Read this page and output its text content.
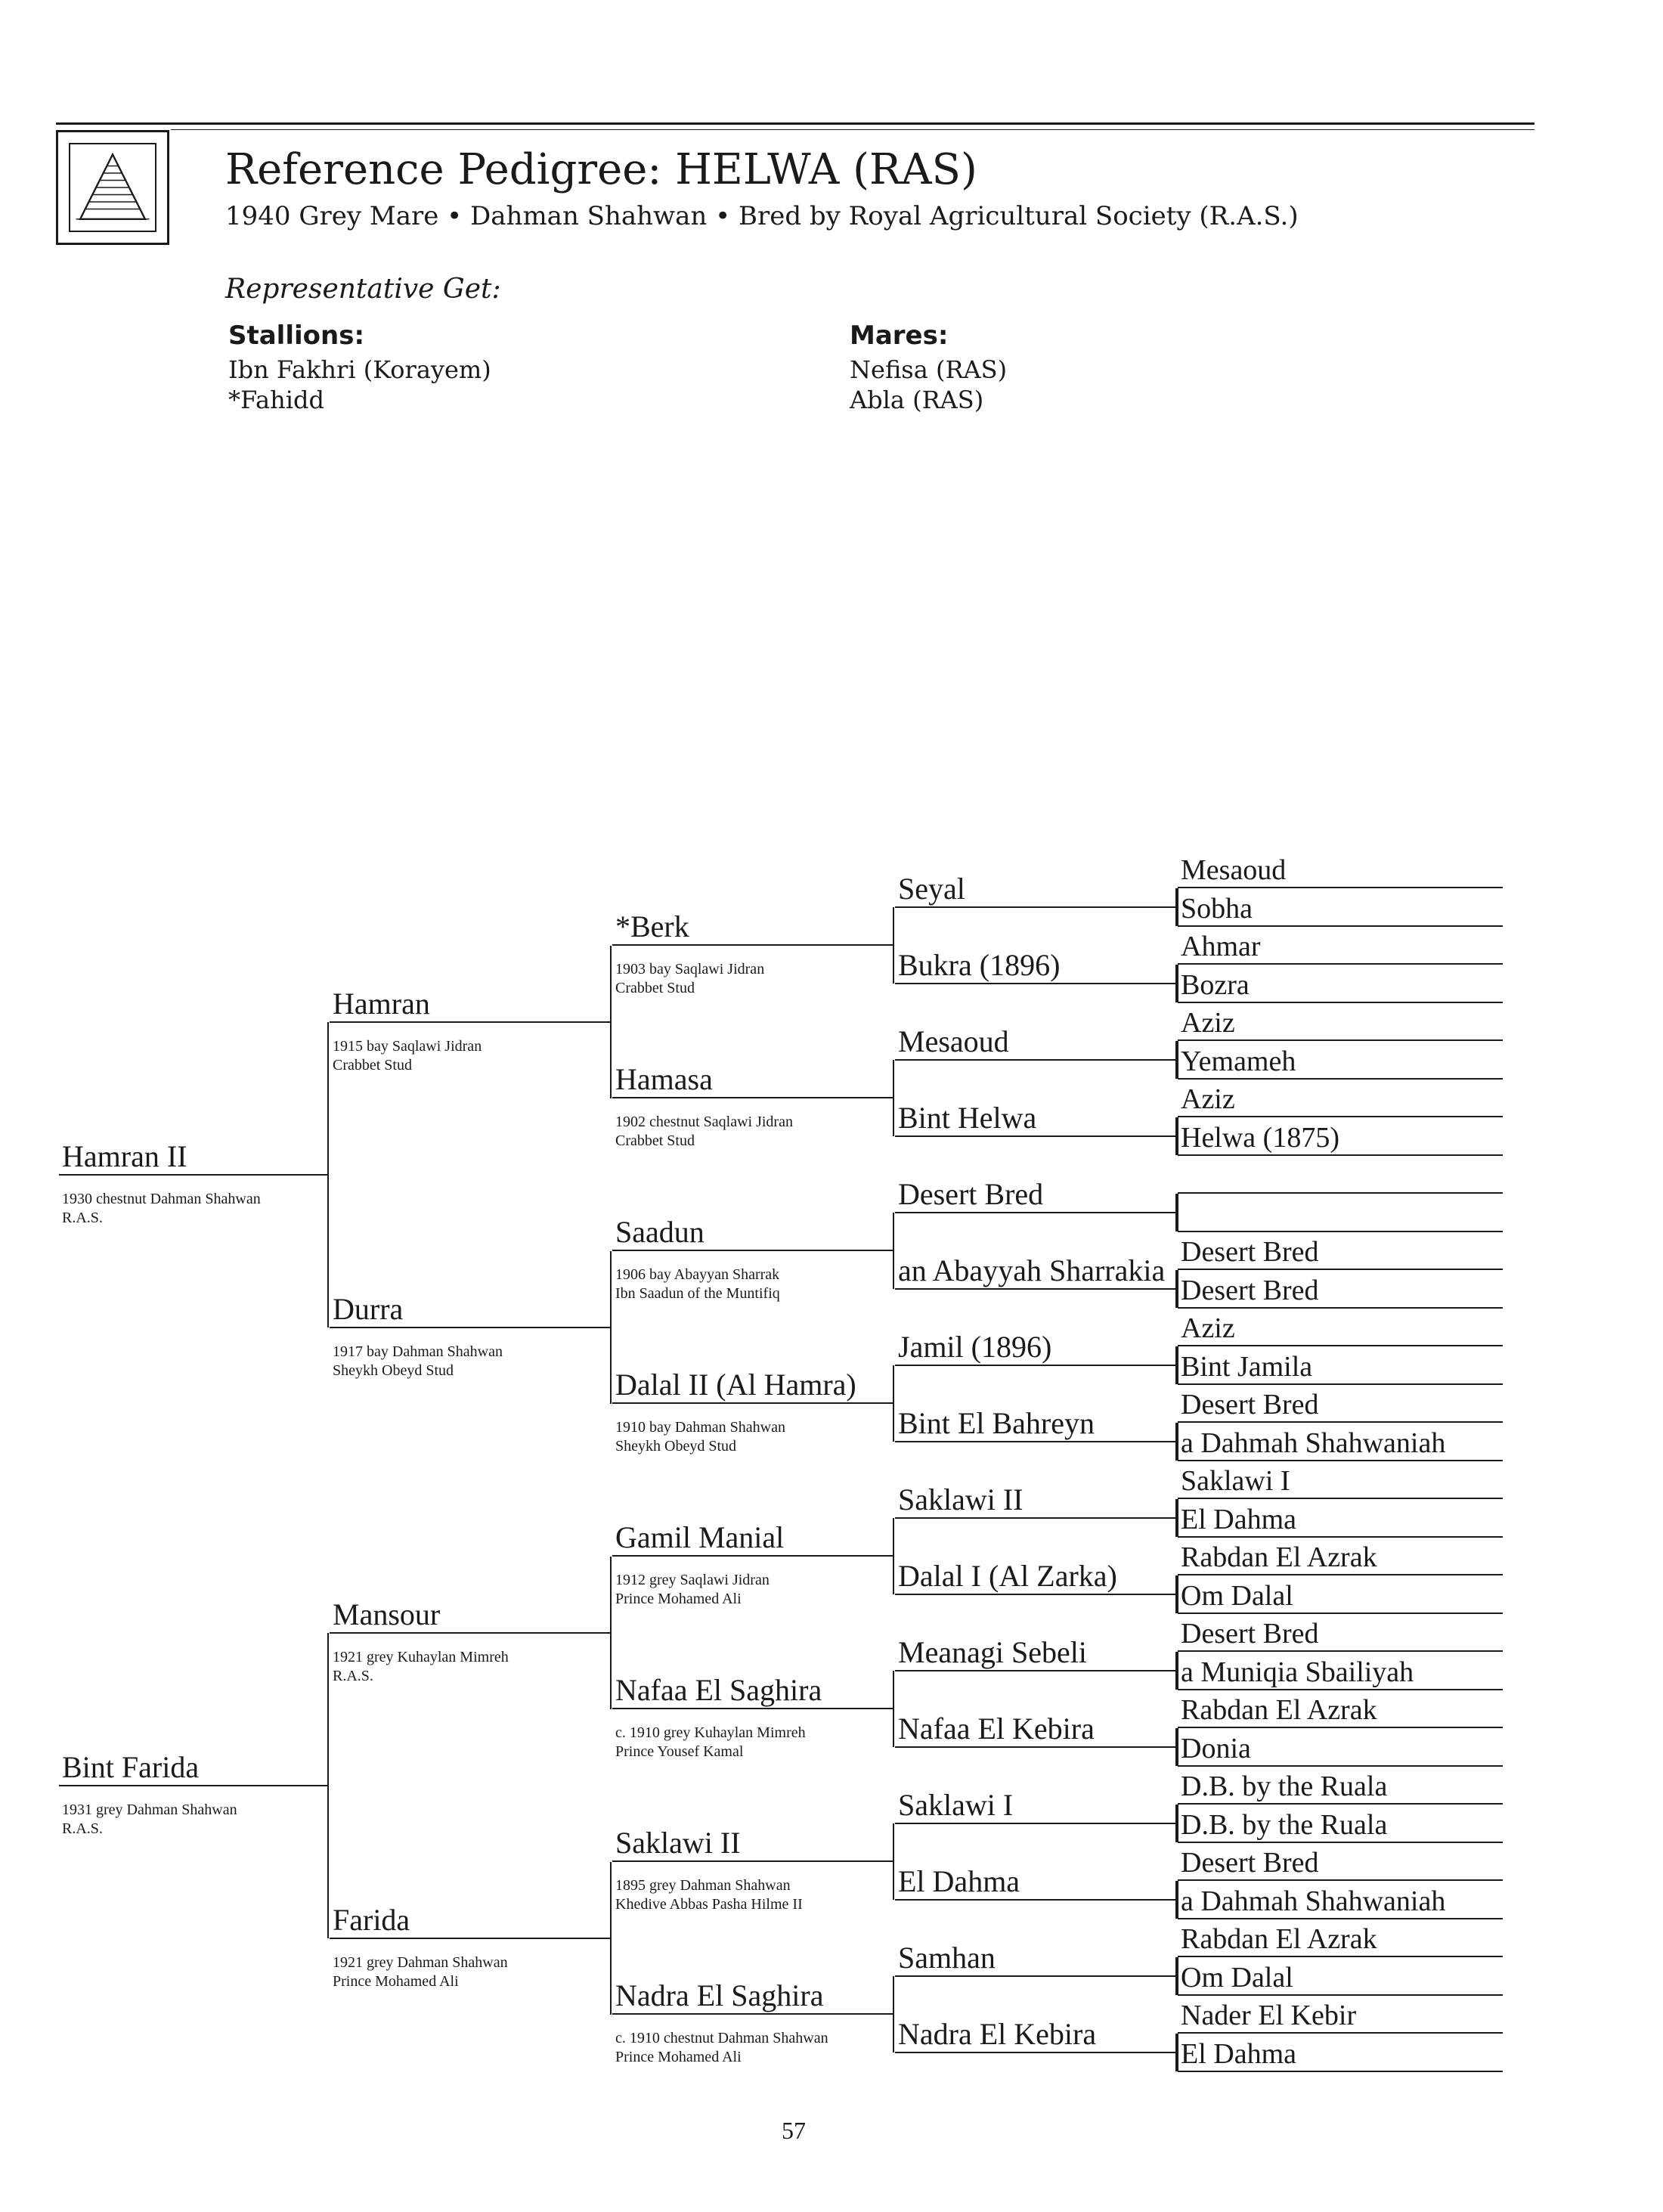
Reference Pedigree: HELWA (RAS)
1940 Grey Mare • Dahman Shahwan • Bred by Royal Agricultural Society (R.A.S.)
Representative Get:
Stallions:
Ibn Fakhri (Korayem)
*Fahidd
Mares:
Nefisa (RAS)
Abla (RAS)
Hamran II
1930 chestnut Dahman Shahwan
R.A.S.
Bint Farida
1931 grey Dahman Shahwan
R.A.S.
Hamran
1915 bay Saqlawi Jidran
Crabbet Stud
Durra
1917 bay Dahman Shahwan
Sheykh Obeyd Stud
Mansour
1921 grey Kuhaylan Mimreh
R.A.S.
Farida
1921 grey Dahman Shahwan
Prince Mohamed Ali
*Berk
1903 bay Saqlawi Jidran
Crabbet Stud
Hamasa
1902 chestnut Saqlawi Jidran
Crabbet Stud
Saadun
1906 bay Abayyan Sharrak
Ibn Saadun of the Muntifiq
Dalal II (Al Hamra)
1910 bay Dahman Shahwan
Sheykh Obeyd Stud
Gamil Manial
1912 grey Saqlawi Jidran
Prince Mohamed Ali
Nafaa El Saghira
c. 1910 grey Kuhaylan Mimreh
Prince Yousef Kamal
Saklawi II
1895 grey Dahman Shahwan
Khedive Abbas Pasha Hilme II
Nadra El Saghira
c. 1910 chestnut Dahman Shahwan
Prince Mohamed Ali
Seyal
Bukra (1896)
Mesaoud
Bint Helwa
Desert Bred
an Abayyah Sharrakia
Jamil (1896)
Bint El Bahreyn
Saklawi II
Dalal I (Al Zarka)
Meanagi Sebeli
Nafaa El Kebira
Saklawi I
El Dahma
Samhan
Nadra El Kebira
Mesaoud
Sobha
Ahmar
Bozra
Aziz
Yemameh
Aziz
Helwa (1875)
Desert Bred
Desert Bred
Aziz
Bint Jamila
Desert Bred
a Dahmah Shahwaniah
Saklawi I
El Dahma
Rabdan El Azrak
Om Dalal
Desert Bred
a Muniqia Sbailiyah
Rabdan El Azrak
Donia
D.B. by the Ruala
D.B. by the Ruala
Desert Bred
a Dahmah Shahwaniah
Rabdan El Azrak
Om Dalal
Nader El Kebir
El Dahma
57
